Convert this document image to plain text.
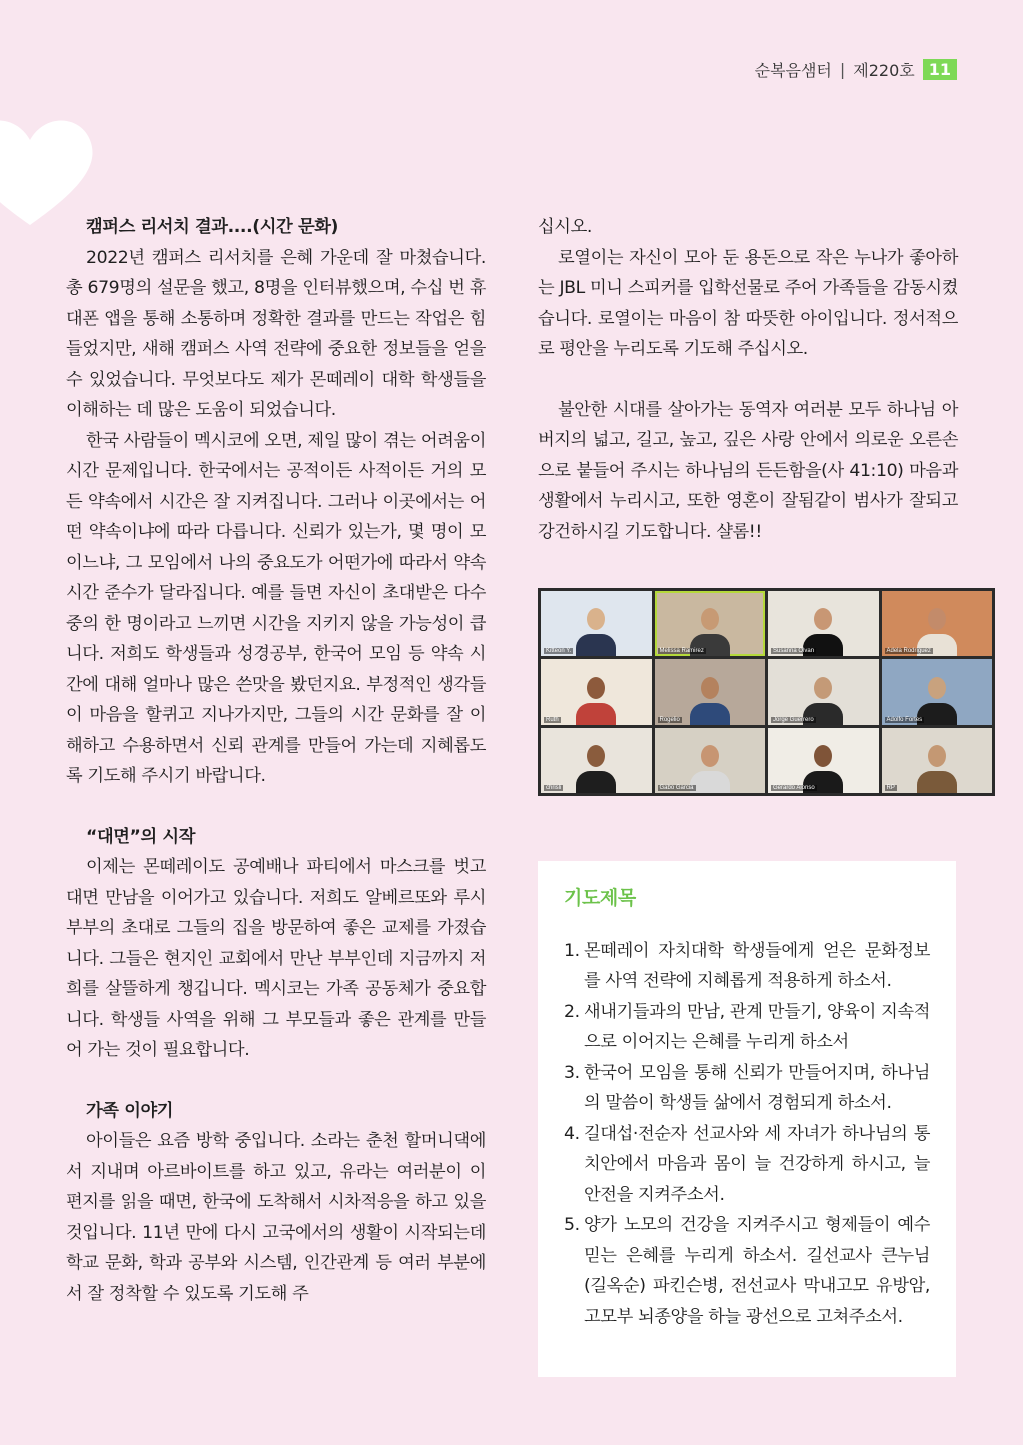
순복음샘터 | 제220호 11
캠퍼스 리서치 결과....(시간 문화)

2022년 캠퍼스 리서치를 은혜 가운데 잘 마쳤습니다. 총 679명의 설문을 했고, 8명을 인터뷰했으며, 수십 번 휴대폰 앱을 통해 소통하며 정확한 결과를 만드는 작업은 힘들었지만, 새해 캠퍼스 사역 전략에 중요한 정보들을 얻을 수 있었습니다. 무엇보다도 제가 몬떼레이 대학 학생들을 이해하는 데 많은 도움이 되었습니다.

한국 사람들이 멕시코에 오면, 제일 많이 겪는 어려움이 시간 문제입니다. 한국에서는 공적이든 사적이든 거의 모든 약속에서 시간은 잘 지켜집니다. 그러나 이곳에서는 어떤 약속이냐에 따라 다릅니다. 신뢰가 있는가, 몇 명이 모이느냐, 그 모임에서 나의 중요도가 어떤가에 따라서 약속 시간 준수가 달라집니다. 예를 들면 자신이 초대받은 다수 중의 한 명이라고 느끼면 시간을 지키지 않을 가능성이 큽니다. 저희도 학생들과 성경공부, 한국어 모임 등 약속 시간에 대해 얼마나 많은 쓴맛을 봤던지요. 부정적인 생각들이 마음을 할퀴고 지나가지만, 그들의 시간 문화를 잘 이해하고 수용하면서 신뢰 관계를 만들어 가는데 지혜롭도록 기도해 주시기 바랍니다.

“대면”의 시작

이제는 몬떼레이도 공예배나 파티에서 마스크를 벗고 대면 만남을 이어가고 있습니다. 저희도 알베르또와 루시 부부의 초대로 그들의 집을 방문하여 좋은 교제를 가졌습니다. 그들은 현지인 교회에서 만난 부부인데 지금까지 저희를 살뜰하게 챙깁니다. 멕시코는 가족 공동체가 중요합니다. 학생들 사역을 위해 그 부모들과 좋은 관계를 만들어 가는 것이 필요합니다.

가족 이야기

아이들은 요즘 방학 중입니다. 소라는 춘천 할머니댁에서 지내며 아르바이트를 하고 있고, 유라는 여러분이 이 편지를 읽을 때면, 한국에 도착해서 시차적응을 하고 있을 것입니다. 11년 만에 다시 고국에서의 생활이 시작되는데 학교 문화, 학과 공부와 시스템, 인간관계 등 여러 부분에서 잘 정착할 수 있도록 기도해 주

십시오.

로열이는 자신이 모아 둔 용돈으로 작은 누나가 좋아하는 JBL 미니 스피커를 입학선물로 주어 가족들을 감동시켰습니다. 로열이는 마음이 참 따뜻한 아이입니다. 정서적으로 평안을 누리도록 기도해 주십시오.

불안한 시대를 살아가는 동역자 여러분 모두 하나님 아버지의 넓고, 길고, 높고, 깊은 사랑 안에서 의로운 오른손으로 붙들어 주시는 하나님의 든든함을(사 41:10) 마음과 생활에서 누리시고, 또한 영혼이 잘됨같이 범사가 잘되고 강건하시길 기도합니다. 샬롬!!

Kitteon Y.	Melissa Ramirez	Susanna Olvan	Adela Rodriguez
Ruth	Rogelio	Jorge Guerrero	Adolfo Fortes
chrisli	Gabo Garcia	Gerardo Alonso	RP
기도제목
1. 몬떼레이 자치대학 학생들에게 얻은 문화정보를 사역 전략에 지혜롭게 적용하게 하소서.
2. 새내기들과의 만남, 관계 만들기, 양육이 지속적으로 이어지는 은혜를 누리게 하소서
3. 한국어 모임을 통해 신뢰가 만들어지며, 하나님의 말씀이 학생들 삶에서 경험되게 하소서.
4. 길대섭·전순자 선교사와 세 자녀가 하나님의 통치안에서 마음과 몸이 늘 건강하게 하시고, 늘 안전을 지켜주소서.
5. 양가 노모의 건강을 지켜주시고 형제들이 예수 믿는 은혜를 누리게 하소서. 길선교사 큰누님(길옥순) 파킨슨병, 전선교사 막내고모 유방암, 고모부 뇌종양을 하늘 광선으로 고쳐주소서.
